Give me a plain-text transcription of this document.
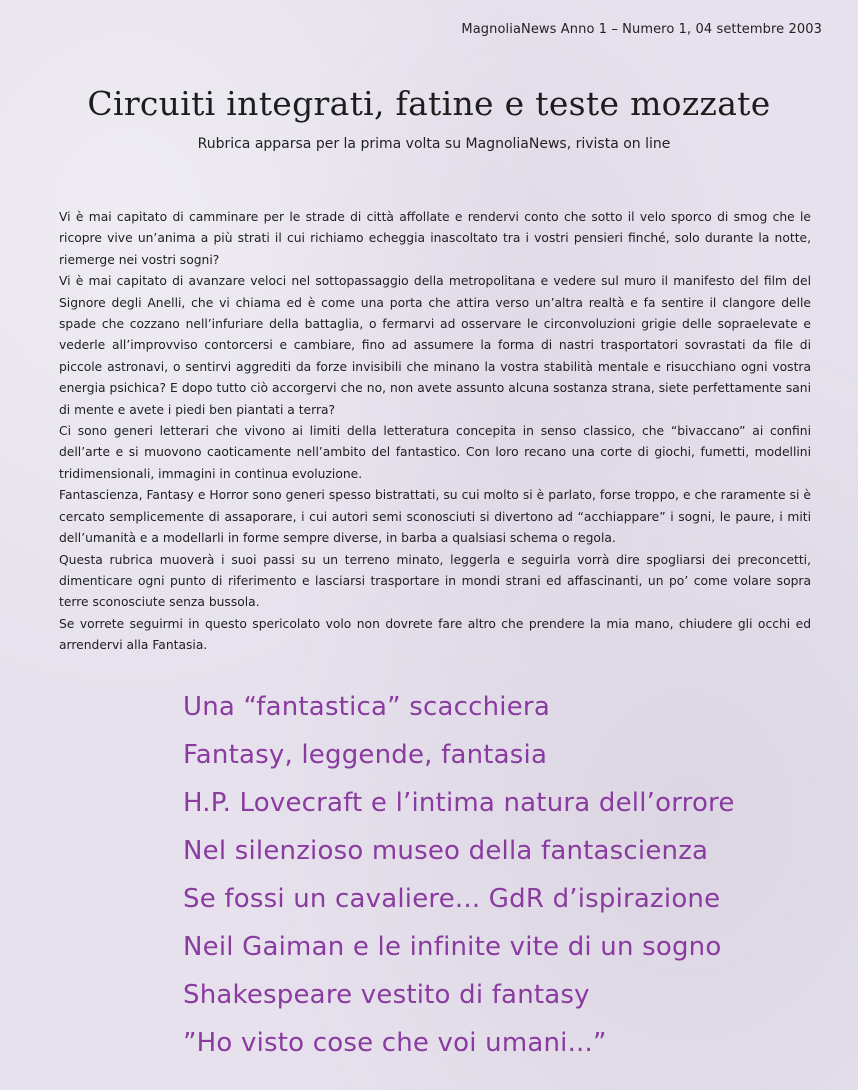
MagnoliaNews Anno 1 – Numero 1, 04 settembre 2003
Circuiti integrati, fatine e teste mozzate
Rubrica apparsa per la prima volta su MagnoliaNews, rivista on line

Vi è mai capitato di camminare per le strade di città affollate e rendervi conto che sotto il velo sporco di smog che le ricopre vive un’anima a più strati il cui richiamo echeggia inascoltato tra i vostri pensieri finché, solo durante la notte, riemerge nei vostri sogni?

Vi è mai capitato di avanzare veloci nel sottopassaggio della metropolitana e vedere sul muro il manifesto del film del Signore degli Anelli, che vi chiama ed è come una porta che attira verso un’altra realtà e fa sentire il clangore delle spade che cozzano nell’infuriare della battaglia, o fermarvi ad osservare le circonvoluzioni grigie delle sopraelevate e vederle all’improvviso contorcersi e cambiare, fino ad assumere la forma di nastri trasportatori sovrastati da file di piccole astronavi, o sentirvi aggrediti da forze invisibili che minano la vostra stabilità mentale e risucchiano ogni vostra energia psichica? E dopo tutto ciò accorgervi che no, non avete assunto alcuna sostanza strana, siete perfettamente sani di mente e avete i piedi ben piantati a terra?

Ci sono generi letterari che vivono ai limiti della letteratura concepita in senso classico, che “bivaccano” ai confini dell’arte e si muovono caoticamente nell’ambito del fantastico. Con loro recano una corte di giochi, fumetti, modellini tridimensionali, immagini in continua evoluzione.

Fantascienza, Fantasy e Horror sono generi spesso bistrattati, su cui molto si è parlato, forse troppo, e che raramente si è cercato semplicemente di assaporare, i cui autori semi sconosciuti si divertono ad “acchiappare” i sogni, le paure, i miti dell’umanità e a modellarli in forme sempre diverse, in barba a qualsiasi schema o regola.

Questa rubrica muoverà i suoi passi su un terreno minato, leggerla e seguirla vorrà dire spogliarsi dei preconcetti, dimenticare ogni punto di riferimento e lasciarsi trasportare in mondi strani ed affascinanti, un po’ come volare sopra terre sconosciute senza bussola.

Se vorrete seguirmi in questo spericolato volo non dovrete fare altro che prendere la mia mano, chiudere gli occhi ed arrendervi alla Fantasia.

Una “fantastica” scacchiera
Fantasy, leggende, fantasia
H.P. Lovecraft e l’intima natura dell’orrore
Nel silenzioso museo della fantascienza
Se fossi un cavaliere... GdR d’ispirazione
Neil Gaiman e le infinite vite di un sogno
Shakespeare vestito di fantasy
”Ho visto cose che voi umani...”
